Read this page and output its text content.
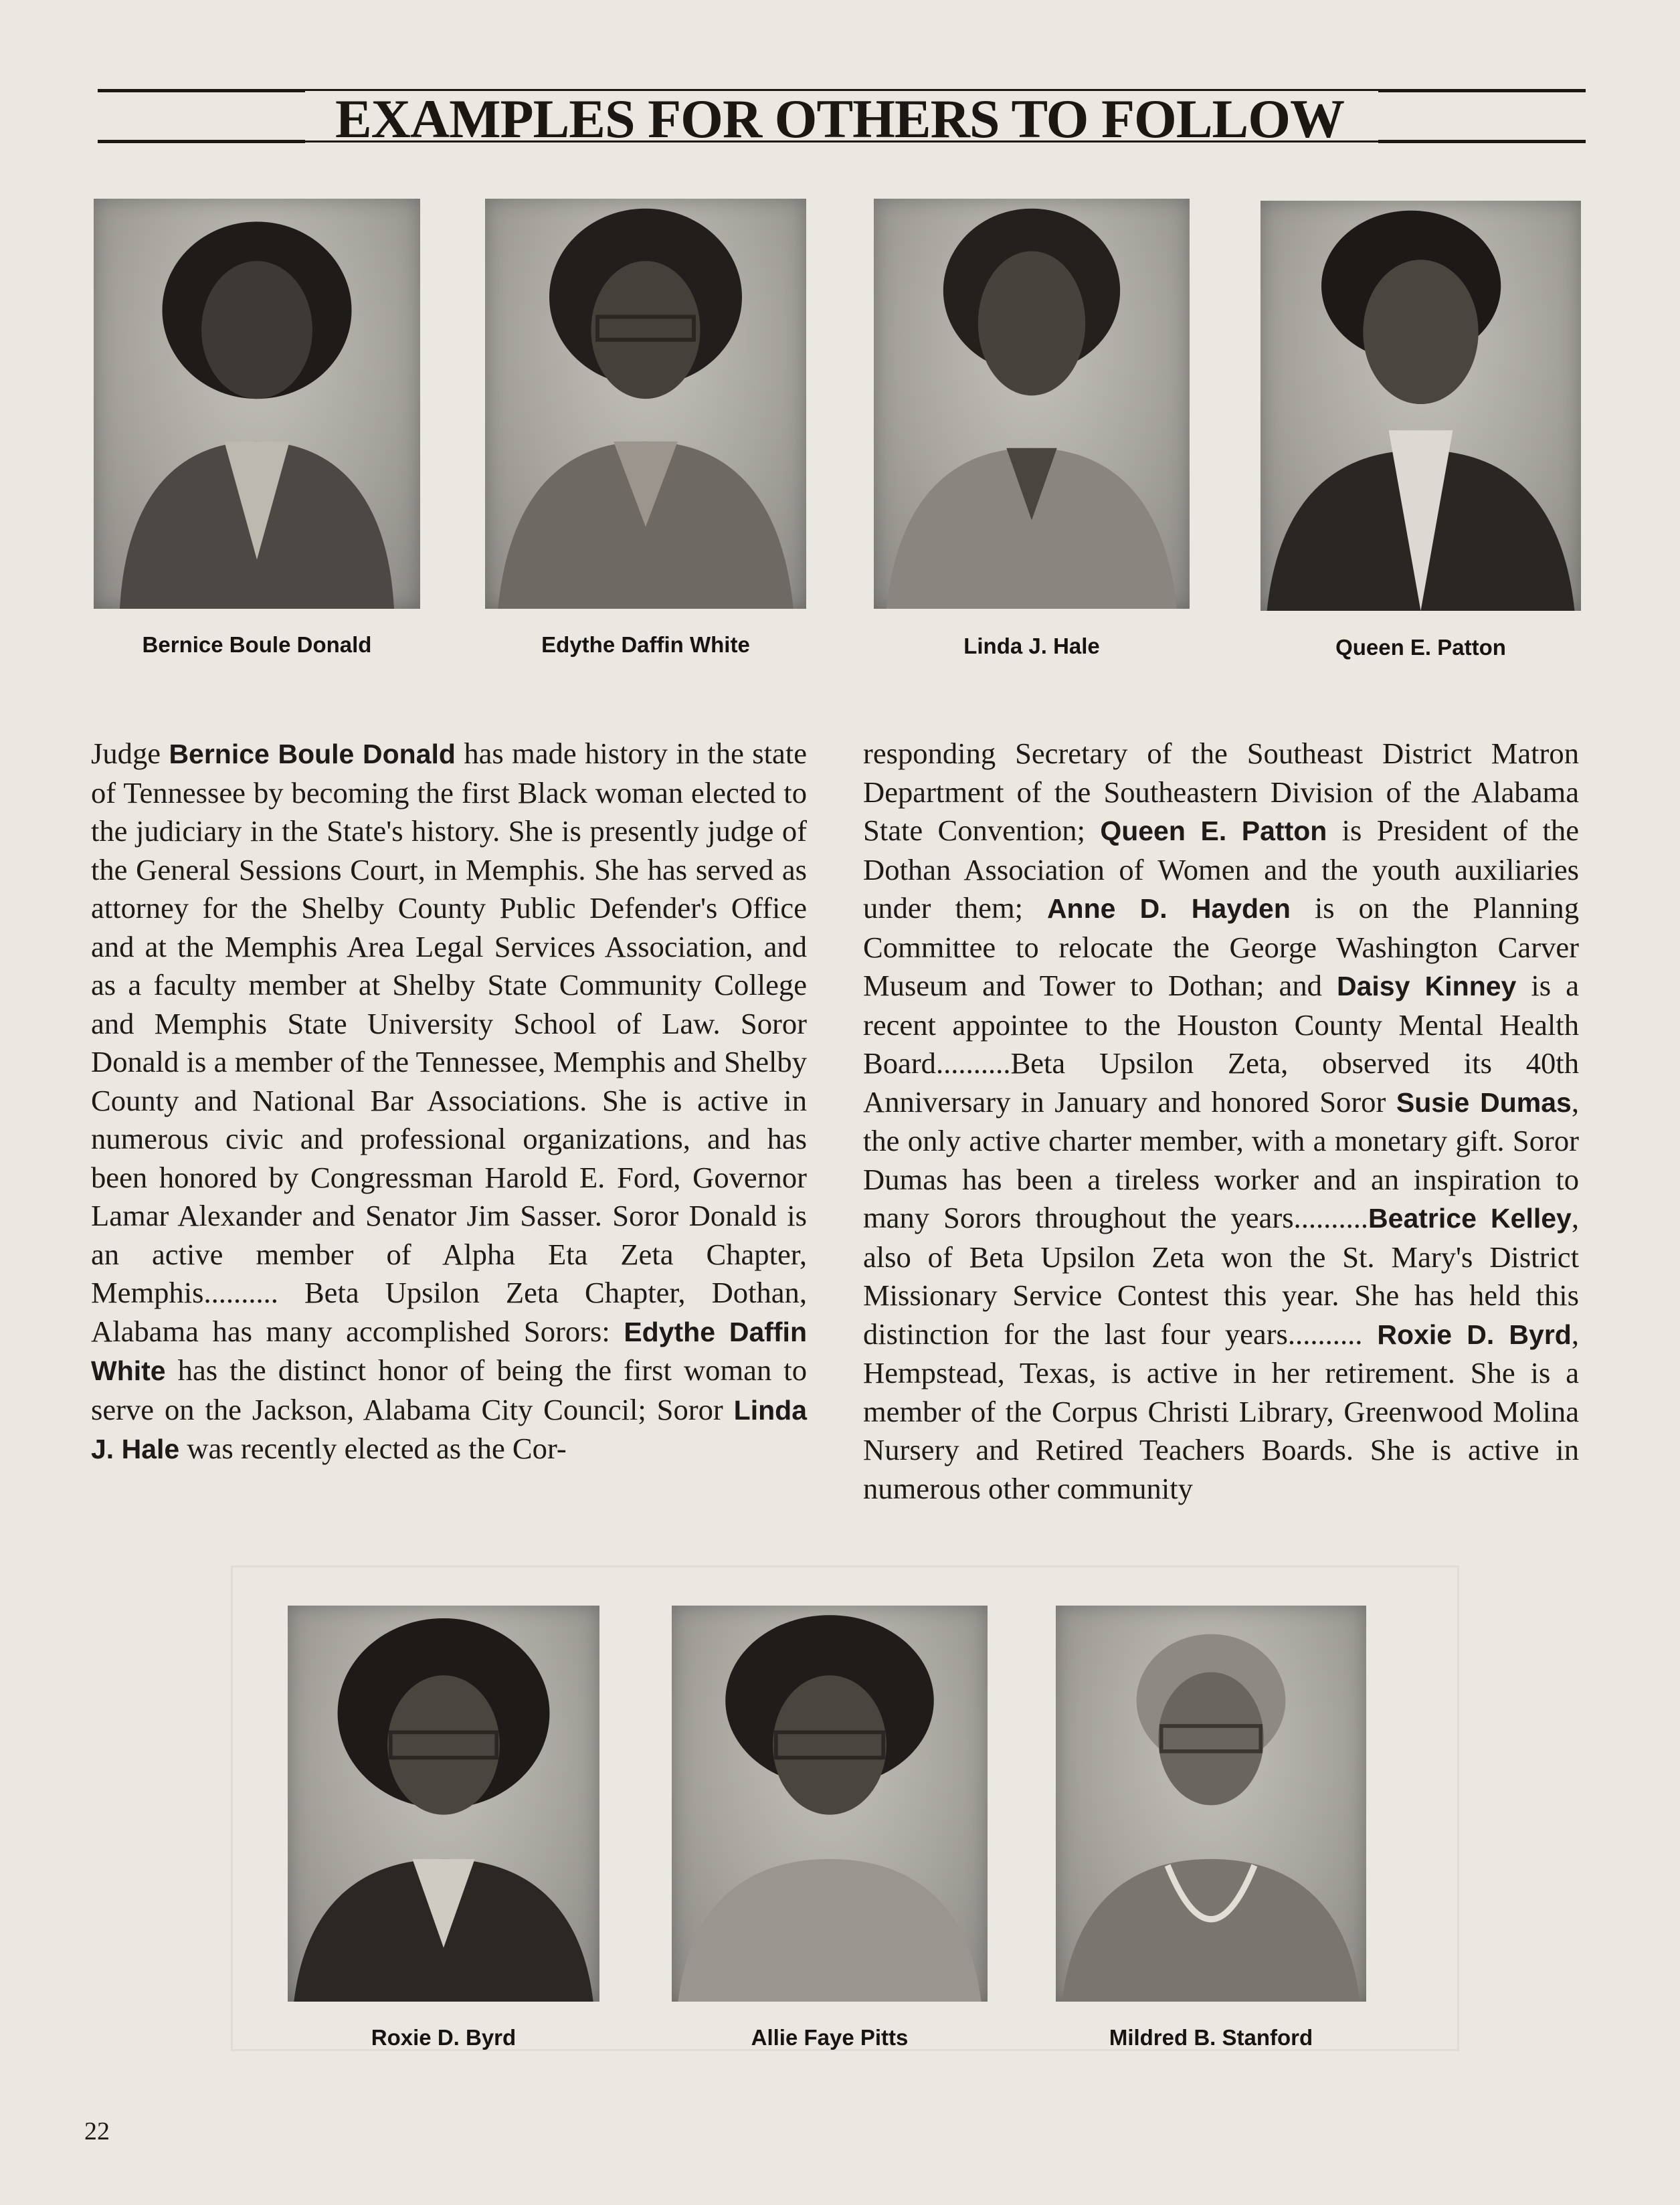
EXAMPLES FOR OTHERS TO FOLLOW
Bernice Boule Donald	Edythe Daffin White	Linda J. Hale	Queen E. Patton

Judge Bernice Boule Donald has made history in the state of Tennessee by becoming the first Black woman elected to the judiciary in the State's history. She is presently judge of the General Sessions Court, in Memphis. She has served as attorney for the Shelby County Public Defender's Office and at the Memphis Area Legal Services Association, and as a faculty member at Shelby State Community College and Memphis State University School of Law. Soror Donald is a member of the Tennessee, Memphis and Shelby County and National Bar Associations. She is active in numerous civic and professional organizations, and has been honored by Congressman Harold E. Ford, Governor Lamar Alexander and Senator Jim Sasser. Soror Donald is an active member of Alpha Eta Zeta Chapter, Memphis.......... Beta Upsilon Zeta Chapter, Dothan, Alabama has many accomplished Sorors: Edythe Daffin White has the distinct honor of being the first woman to serve on the Jackson, Alabama City Council; Soror Linda J. Hale was recently elected as the Cor-

responding Secretary of the Southeast District Matron Department of the Southeastern Division of the Alabama State Convention; Queen E. Patton is President of the Dothan Association of Women and the youth auxiliaries under them; Anne D. Hayden is on the Planning Committee to relocate the George Washington Carver Museum and Tower to Dothan; and Daisy Kinney is a recent appointee to the Houston County Mental Health Board..........Beta Upsilon Zeta, observed its 40th Anniversary in January and honored Soror Susie Dumas, the only active charter member, with a monetary gift. Soror Dumas has been a tireless worker and an inspiration to many Sorors throughout the years..........Beatrice Kelley, also of Beta Upsilon Zeta won the St. Mary's District Missionary Service Contest this year. She has held this distinction for the last four years.......... Roxie D. Byrd, Hempstead, Texas, is active in her retirement. She is a member of the Corpus Christi Library, Greenwood Molina Nursery and Retired Teachers Boards. She is active in numerous other community

Roxie D. Byrd	Allie Faye Pitts	Mildred B. Stanford
22
